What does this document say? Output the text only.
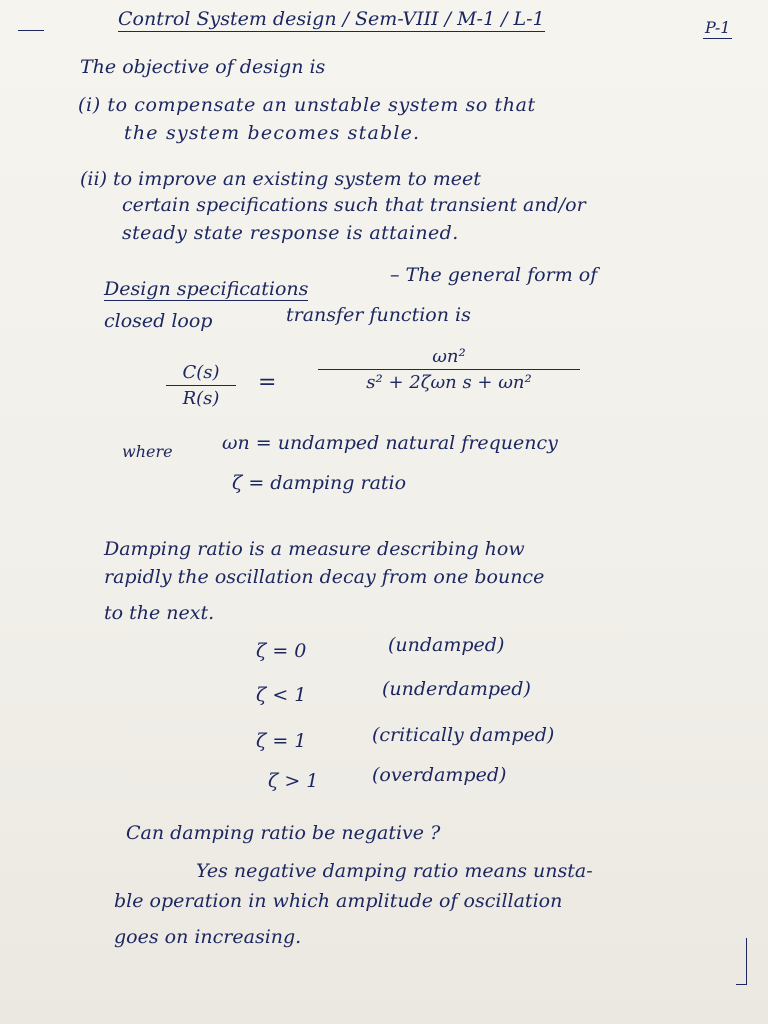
Control System design / Sem-VIII / M-1 / L-1	P-1
The objective of design is
(i) to compensate an unstable system so that
the system becomes stable.
(ii) to improve an existing system to meet
certain specifications such that transient and/or
steady state response is attained.
Design specifications
– The general form of
closed loop	transfer function is
C(s)
R(s)
=
ωn²
s² + 2ζωn s + ωn²
where	ωn = undamped natural frequency
ζ = damping ratio
Damping ratio is a measure describing how
rapidly the oscillation decay from one bounce
to the next.
ζ = 0	(undamped)
ζ < 1	(underdamped)
ζ = 1	(critically damped)
ζ > 1	(overdamped)
Can damping ratio be negative ?
Yes negative damping ratio means unsta-
ble operation in which amplitude of oscillation
goes on increasing.
